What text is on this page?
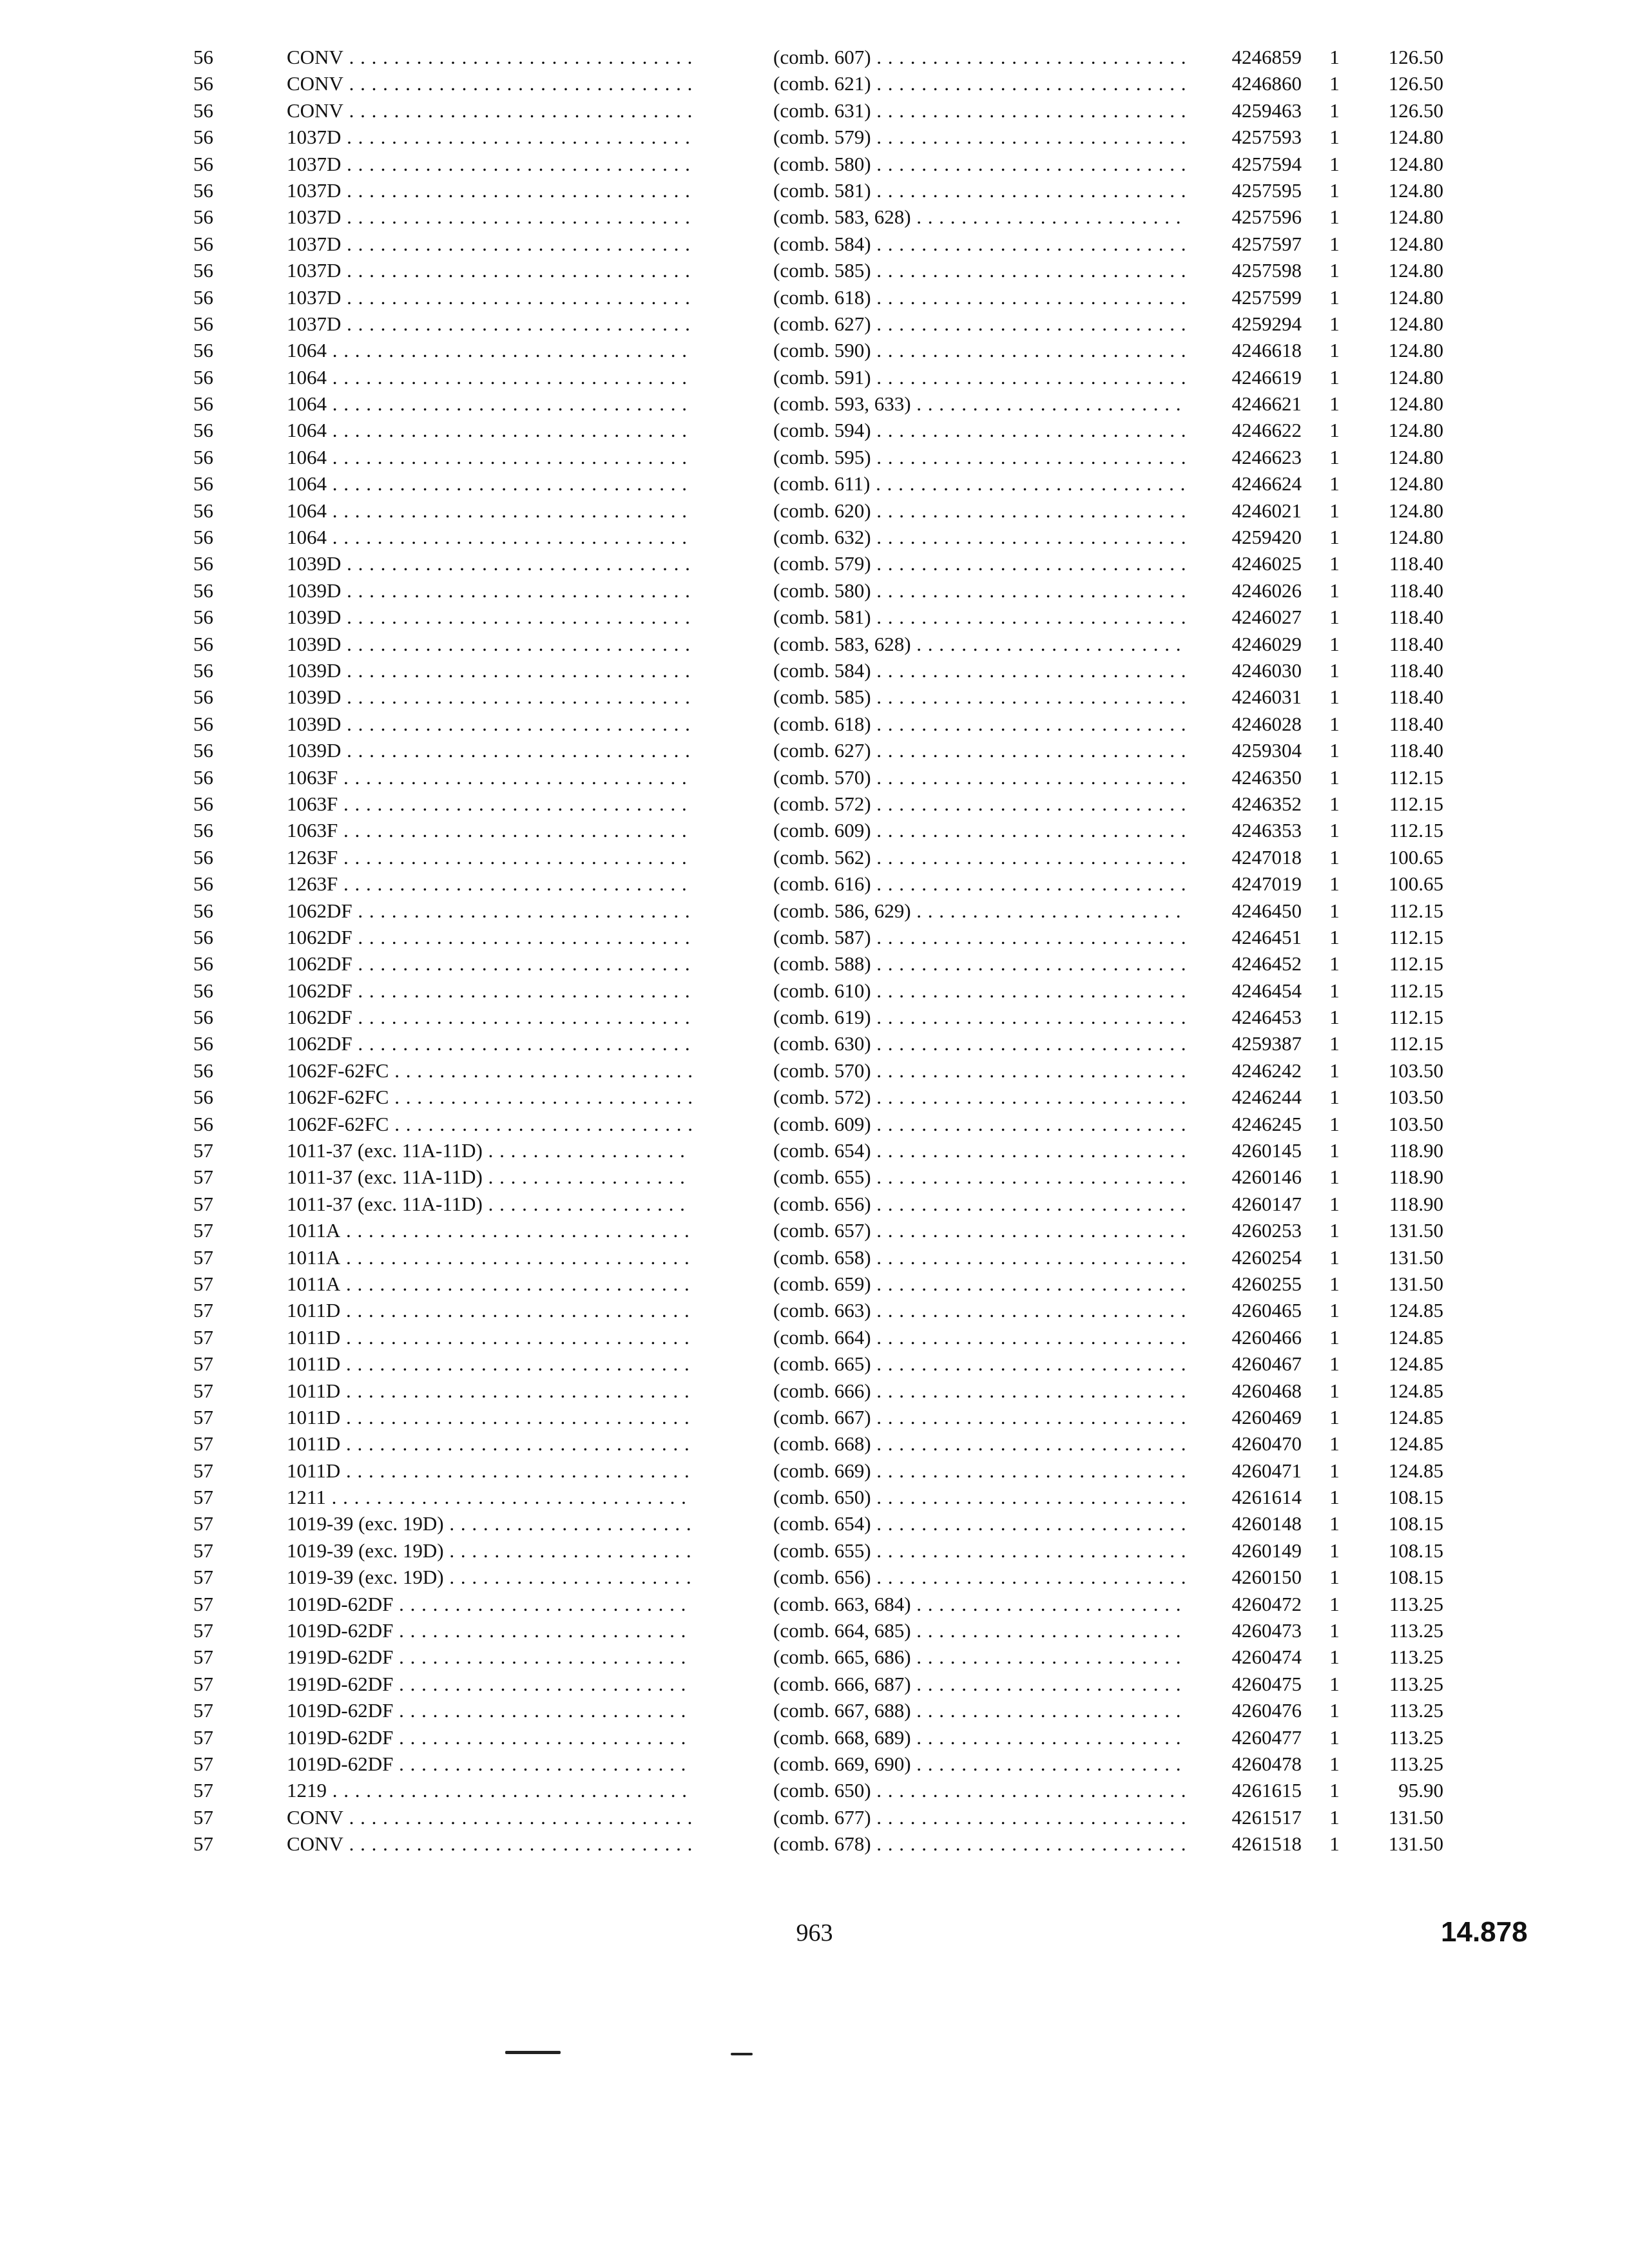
56	CONV . . .	(comb. 607) . . .	4246859 1	126.50
56	CONV . . .	(comb. 621) . . .	4246860 1	126.50
56	CONV . . .	(comb. 631) . . .	4259463 1	126.50
56	1037D . . .	(comb. 579) . . .	4257593 1	124.80
56	1037D . . .	(comb. 580) . . .	4257594 1	124.80
56	1037D . . .	(comb. 581) . . .	4257595 1	124.80
56	1037D . . .	(comb. 583, 628) . . .	4257596 1	124.80
56	1037D . . .	(comb. 584) . . .	4257597 1	124.80
56	1037D . . .	(comb. 585) . . .	4257598 1	124.80
56	1037D . . .	(comb. 618) . . .	4257599 1	124.80
56	1037D . . .	(comb. 627) . . .	4259294 1	124.80
56	1064 . . .	(comb. 590) . . .	4246618 1	124.80
56	1064 . . .	(comb. 591) . . .	4246619 1	124.80
56	1064 . . .	(comb. 593, 633) . . .	4246621 1	124.80
56	1064 . . .	(comb. 594) . . .	4246622 1	124.80
56	1064 . . .	(comb. 595) . . .	4246623 1	124.80
56	1064 . . .	(comb. 611) . . .	4246624 1	124.80
56	1064 . . .	(comb. 620) . . .	4246021 1	124.80
56	1064 . . .	(comb. 632) . . .	4259420 1	124.80
56	1039D . . .	(comb. 579) . . .	4246025 1	118.40
56	1039D . . .	(comb. 580) . . .	4246026 1	118.40
56	1039D . . .	(comb. 581) . . .	4246027 1	118.40
56	1039D . . .	(comb. 583, 628) . . .	4246029 1	118.40
56	1039D . . .	(comb. 584) . . .	4246030 1	118.40
56	1039D . . .	(comb. 585) . . .	4246031 1	118.40
56	1039D . . .	(comb. 618) . . .	4246028 1	118.40
56	1039D . . .	(comb. 627) . . .	4259304 1	118.40
56	1063F . . .	(comb. 570) . . .	4246350 1	112.15
56	1063F . . .	(comb. 572) . . .	4246352 1	112.15
56	1063F . . .	(comb. 609) . . .	4246353 1	112.15
56	1263F . . .	(comb. 562) . . .	4247018 1	100.65
56	1263F . . .	(comb. 616) . . .	4247019 1	100.65
56	1062DF . . .	(comb. 586, 629) . . .	4246450 1	112.15
56	1062DF . . .	(comb. 587) . . .	4246451 1	112.15
56	1062DF . . .	(comb. 588) . . .	4246452 1	112.15
56	1062DF . . .	(comb. 610) . . .	4246454 1	112.15
56	1062DF . . .	(comb. 619) . . .	4246453 1	112.15
56	1062DF . . .	(comb. 630) . . .	4259387 1	112.15
56	1062F-62FC . . .	(comb. 570) . . .	4246242 1	103.50
56	1062F-62FC . . .	(comb. 572) . . .	4246244 1	103.50
56	1062F-62FC . . .	(comb. 609) . . .	4246245 1	103.50
57	1011-37 (exc. 11A-11D) . . .	(comb. 654) . . .	4260145 1	118.90
57	1011-37 (exc. 11A-11D) . . .	(comb. 655) . . .	4260146 1	118.90
57	1011-37 (exc. 11A-11D) . . .	(comb. 656) . . .	4260147 1	118.90
57	1011A . . .	(comb. 657) . . .	4260253 1	131.50
57	1011A . . .	(comb. 658) . . .	4260254 1	131.50
57	1011A . . .	(comb. 659) . . .	4260255 1	131.50
57	1011D . . .	(comb. 663) . . .	4260465 1	124.85
57	1011D . . .	(comb. 664) . . .	4260466 1	124.85
57	1011D . . .	(comb. 665) . . .	4260467 1	124.85
57	1011D . . .	(comb. 666) . . .	4260468 1	124.85
57	1011D . . .	(comb. 667) . . .	4260469 1	124.85
57	1011D . . .	(comb. 668) . . .	4260470 1	124.85
57	1011D . . .	(comb. 669) . . .	4260471 1	124.85
57	1211 . . .	(comb. 650) . . .	4261614 1	108.15
57	1019-39 (exc. 19D) . . .	(comb. 654) . . .	4260148 1	108.15
57	1019-39 (exc. 19D) . . .	(comb. 655) . . .	4260149 1	108.15
57	1019-39 (exc. 19D) . . .	(comb. 656) . . .	4260150 1	108.15
57	1019D-62DF . . .	(comb. 663, 684) . . .	4260472 1	113.25
57	1019D-62DF . . .	(comb. 664, 685) . . .	4260473 1	113.25
57	1919D-62DF . . .	(comb. 665, 686) . . .	4260474 1	113.25
57	1919D-62DF . . .	(comb. 666, 687) . . .	4260475 1	113.25
57	1019D-62DF . . .	(comb. 667, 688) . . .	4260476 1	113.25
57	1019D-62DF . . .	(comb. 668, 689) . . .	4260477 1	113.25
57	1019D-62DF . . .	(comb. 669, 690) . . .	4260478 1	113.25
57	1219 . . .	(comb. 650) . . .	4261615 1	95.90
57	CONV . . .	(comb. 677) . . .	4261517 1	131.50
57	CONV . . .	(comb. 678) . . .	4261518 1	131.50
963	14.878
